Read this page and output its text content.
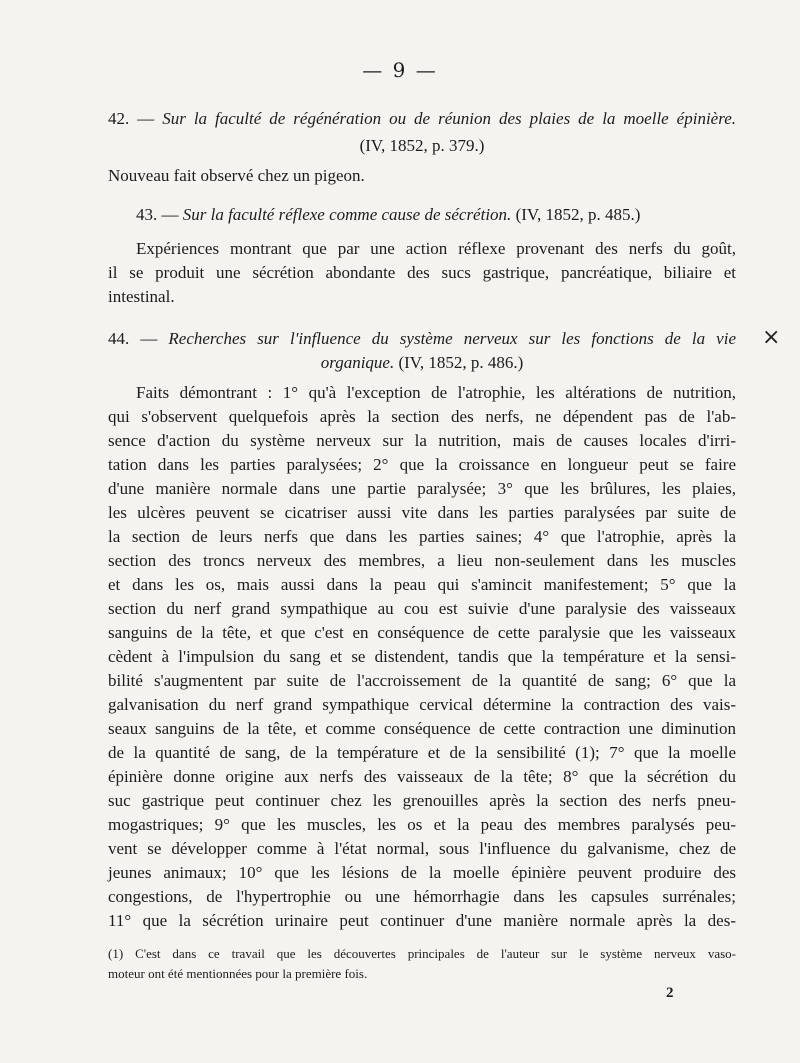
— 9 —
×
42. — Sur la faculté de régénération ou de réunion des plaies de la moelle épinière.
(IV, 1852, p. 379.)
Nouveau fait observé chez un pigeon.
43. — Sur la faculté réflexe comme cause de sécrétion. (IV, 1852, p. 485.)
Expériences montrant que par une action réflexe provenant des nerfs du goût,
il se produit une sécrétion abondante des sucs gastrique, pancréatique, biliaire et
intestinal.
44. — Recherches sur l'influence du système nerveux sur les fonctions de la vie
organique. (IV, 1852, p. 486.)
Faits démontrant : 1° qu'à l'exception de l'atrophie, les altérations de nutrition,
qui s'observent quelquefois après la section des nerfs, ne dépendent pas de l'ab-
sence d'action du système nerveux sur la nutrition, mais de causes locales d'irri-
tation dans les parties paralysées; 2° que la croissance en longueur peut se faire
d'une manière normale dans une partie paralysée; 3° que les brûlures, les plaies,
les ulcères peuvent se cicatriser aussi vite dans les parties paralysées par suite de
la section de leurs nerfs que dans les parties saines; 4° que l'atrophie, après la
section des troncs nerveux des membres, a lieu non-seulement dans les muscles
et dans les os, mais aussi dans la peau qui s'amincit manifestement; 5° que la
section du nerf grand sympathique au cou est suivie d'une paralysie des vaisseaux
sanguins de la tête, et que c'est en conséquence de cette paralysie que les vaisseaux
cèdent à l'impulsion du sang et se distendent, tandis que la température et la sensi-
bilité s'augmentent par suite de l'accroissement de la quantité de sang; 6° que la
galvanisation du nerf grand sympathique cervical détermine la contraction des vais-
seaux sanguins de la tête, et comme conséquence de cette contraction une diminution
de la quantité de sang, de la température et de la sensibilité (1); 7° que la moelle
épinière donne origine aux nerfs des vaisseaux de la tête; 8° que la sécrétion du
suc gastrique peut continuer chez les grenouilles après la section des nerfs pneu-
mogastriques; 9° que les muscles, les os et la peau des membres paralysés peu-
vent se développer comme à l'état normal, sous l'influence du galvanisme, chez de
jeunes animaux; 10° que les lésions de la moelle épinière peuvent produire des
congestions, de l'hypertrophie ou une hémorrhagie dans les capsules surrénales;
11° que la sécrétion urinaire peut continuer d'une manière normale après la des-
(1) C'est dans ce travail que les découvertes principales de l'auteur sur le système nerveux vaso-
moteur ont été mentionnées pour la première fois.
2
